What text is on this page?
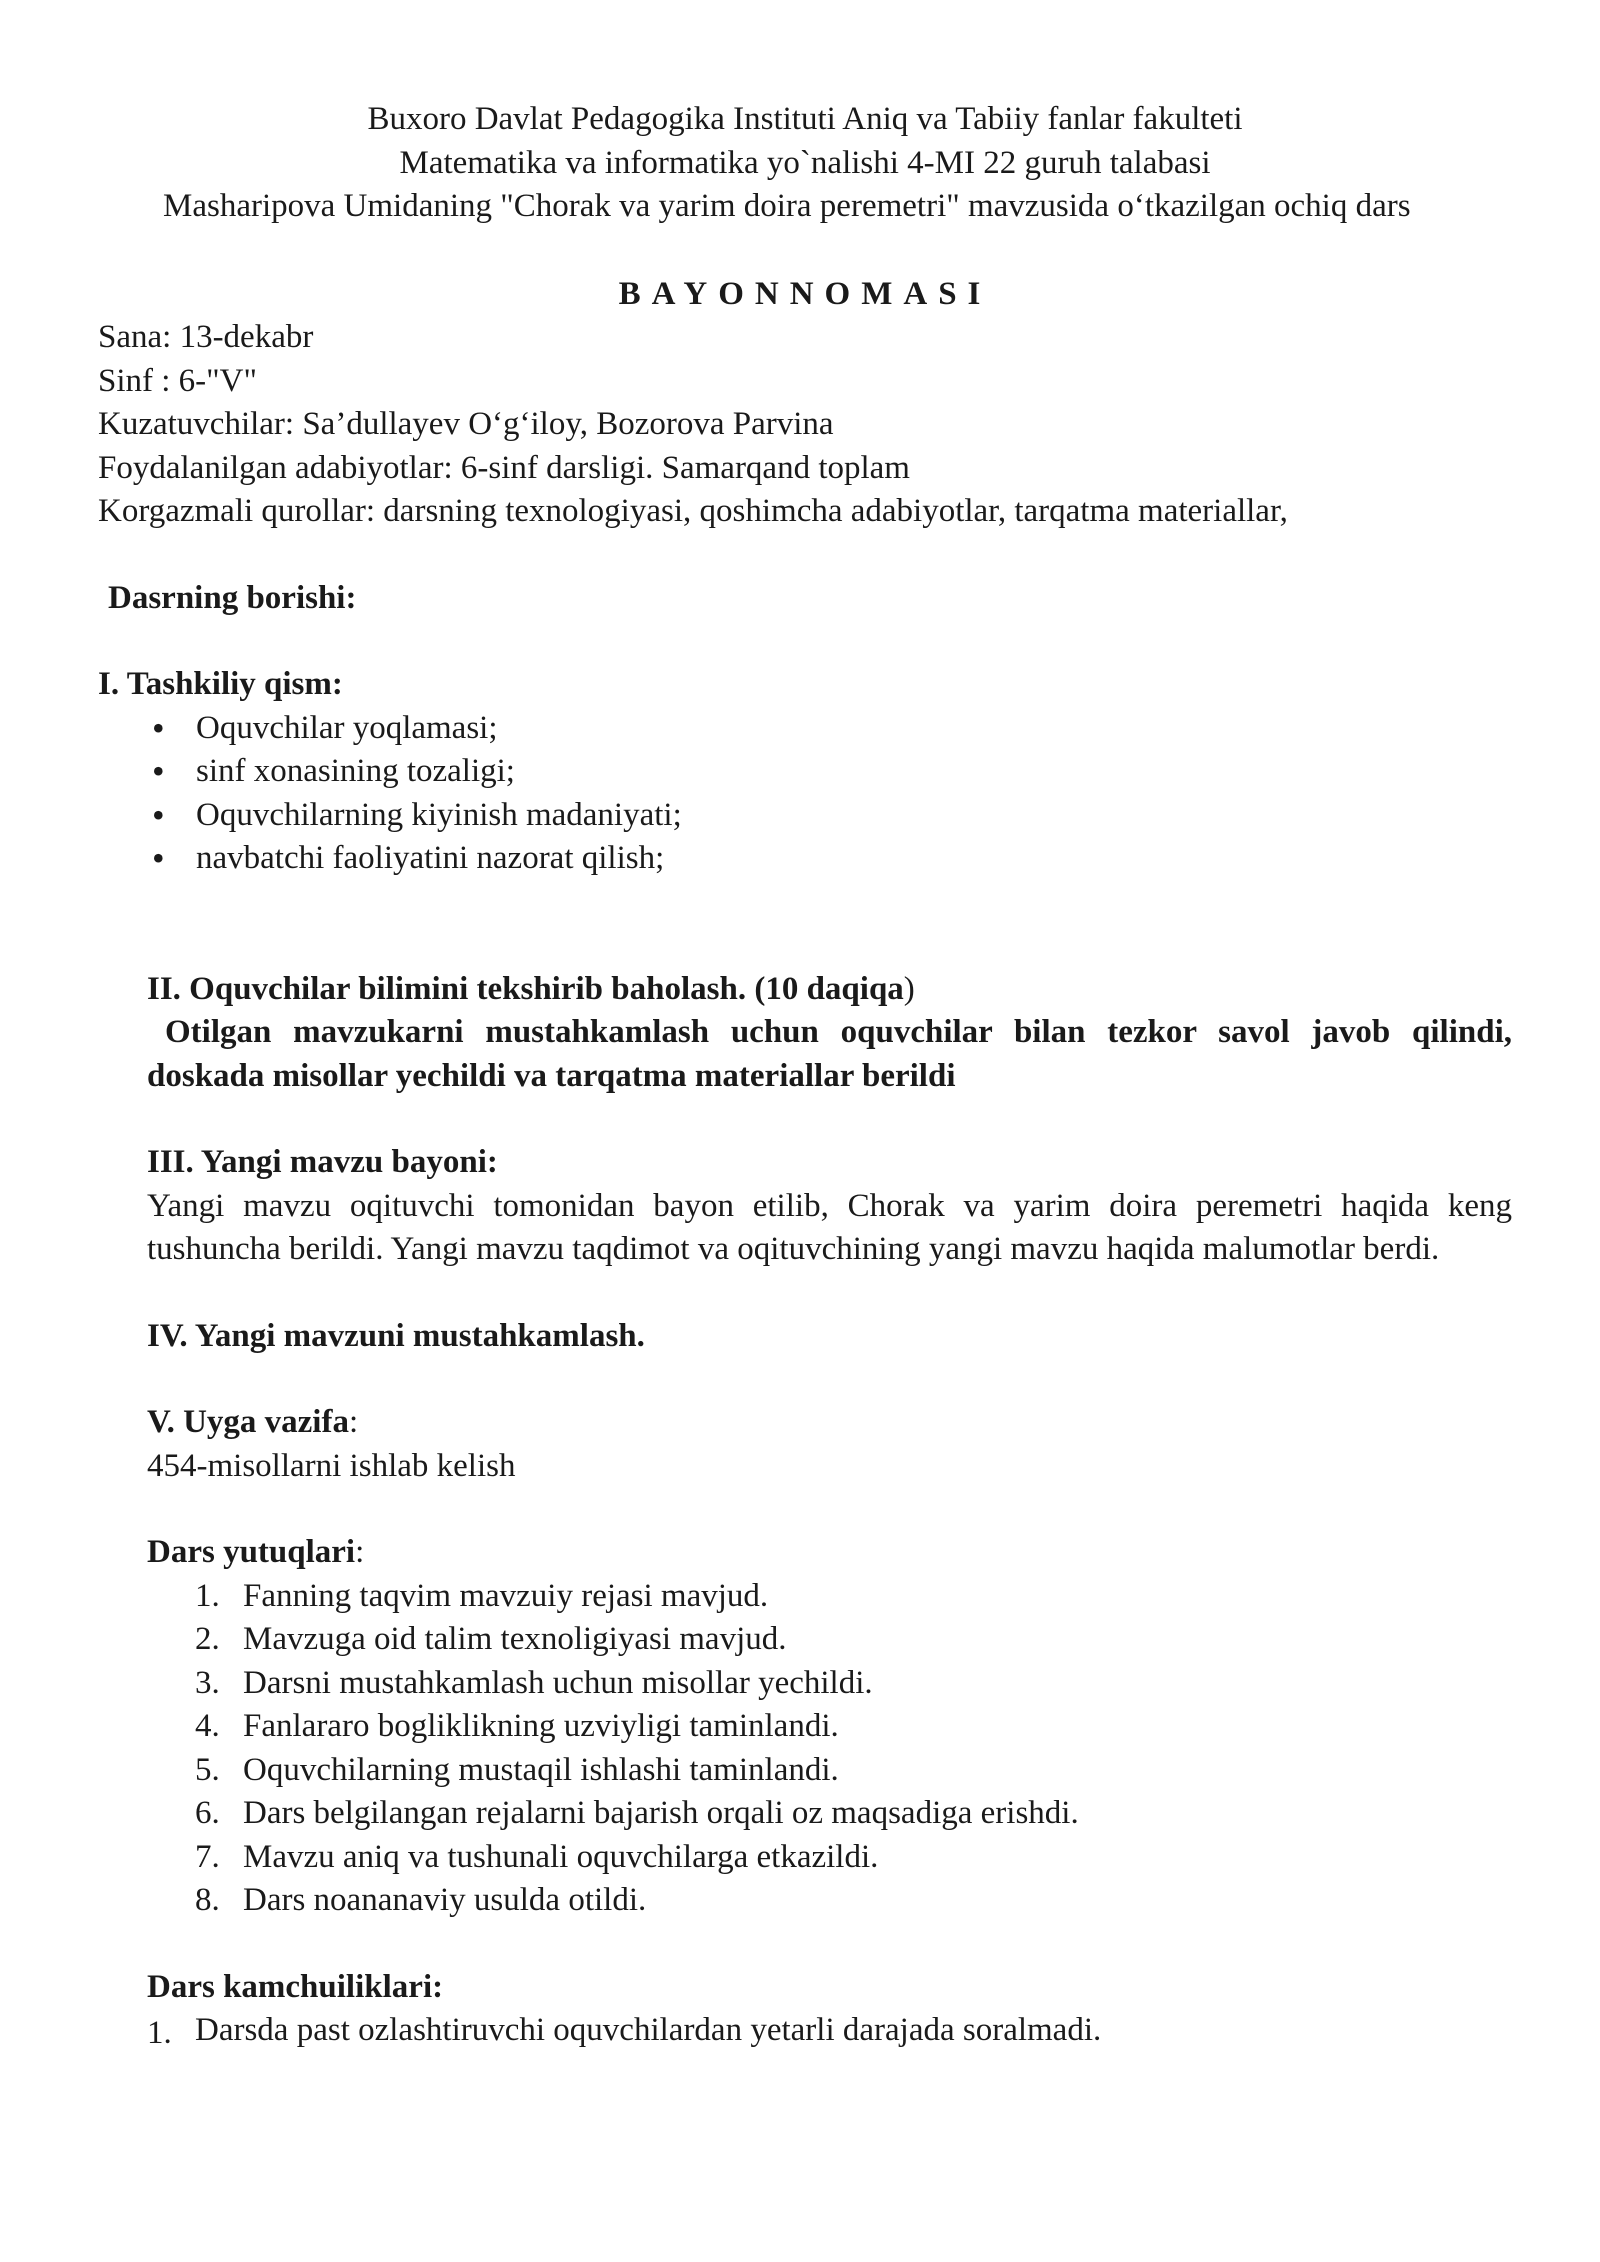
Buxoro Davlat Pedagogika Instituti Aniq va Tabiiy fanlar fakulteti

Matematika va informatika yo`nalishi 4-MI 22 guruh talabasi

Masharipova Umidaning "Chorak va yarim doira peremetri" mavzusida o‘tkazilgan ochiq dars

BAYONNOMASI

Sana: 13-dekabr

Sinf : 6-"V"

Kuzatuvchilar: Sa’dullayev O‘g‘iloy, Bozorova Parvina

Foydalanilgan adabiyotlar: 6-sinf darsligi. Samarqand toplam

Korgazmali qurollar: darsning texnologiyasi, qoshimcha adabiyotlar, tarqatma materiallar,

Dasrning borishi:

I. Tashkiliy qism:

• Oquvchilar yoqlamasi;
• sinf xonasining tozaligi;
• Oquvchilarning kiyinish madaniyati;
• navbatchi faoliyatini nazorat qilish;

II. Oquvchilar bilimini tekshirib baholash. (10 daqiqa)

Otilgan mavzukarni mustahkamlash uchun oquvchilar bilan tezkor savol javob qilindi, doskada misollar yechildi va tarqatma materiallar berildi

III. Yangi mavzu bayoni:

Yangi mavzu oqituvchi tomonidan bayon etilib, Chorak va yarim doira peremetri haqida keng tushuncha berildi. Yangi mavzu taqdimot va oqituvchining yangi mavzu haqida malumotlar berdi.

IV. Yangi mavzuni mustahkamlash.

V. Uyga vazifa:

454-misollarni ishlab kelish

Dars yutuqlari:

1. Fanning taqvim mavzuiy rejasi mavjud.
2. Mavzuga oid talim texnoligiyasi mavjud.
3. Darsni mustahkamlash uchun misollar yechildi.
4. Fanlararo bogliklikning uzviyligi taminlandi.
5. Oquvchilarning mustaqil ishlashi taminlandi.
6. Dars belgilangan rejalarni bajarish orqali oz maqsadiga erishdi.
7. Mavzu aniq va tushunali oquvchilarga etkazildi.
8. Dars noananaviy usulda otildi.

Dars kamchuiliklari:

1. Darsda past ozlashtiruvchi oquvchilardan yetarli darajada soralmadi.
